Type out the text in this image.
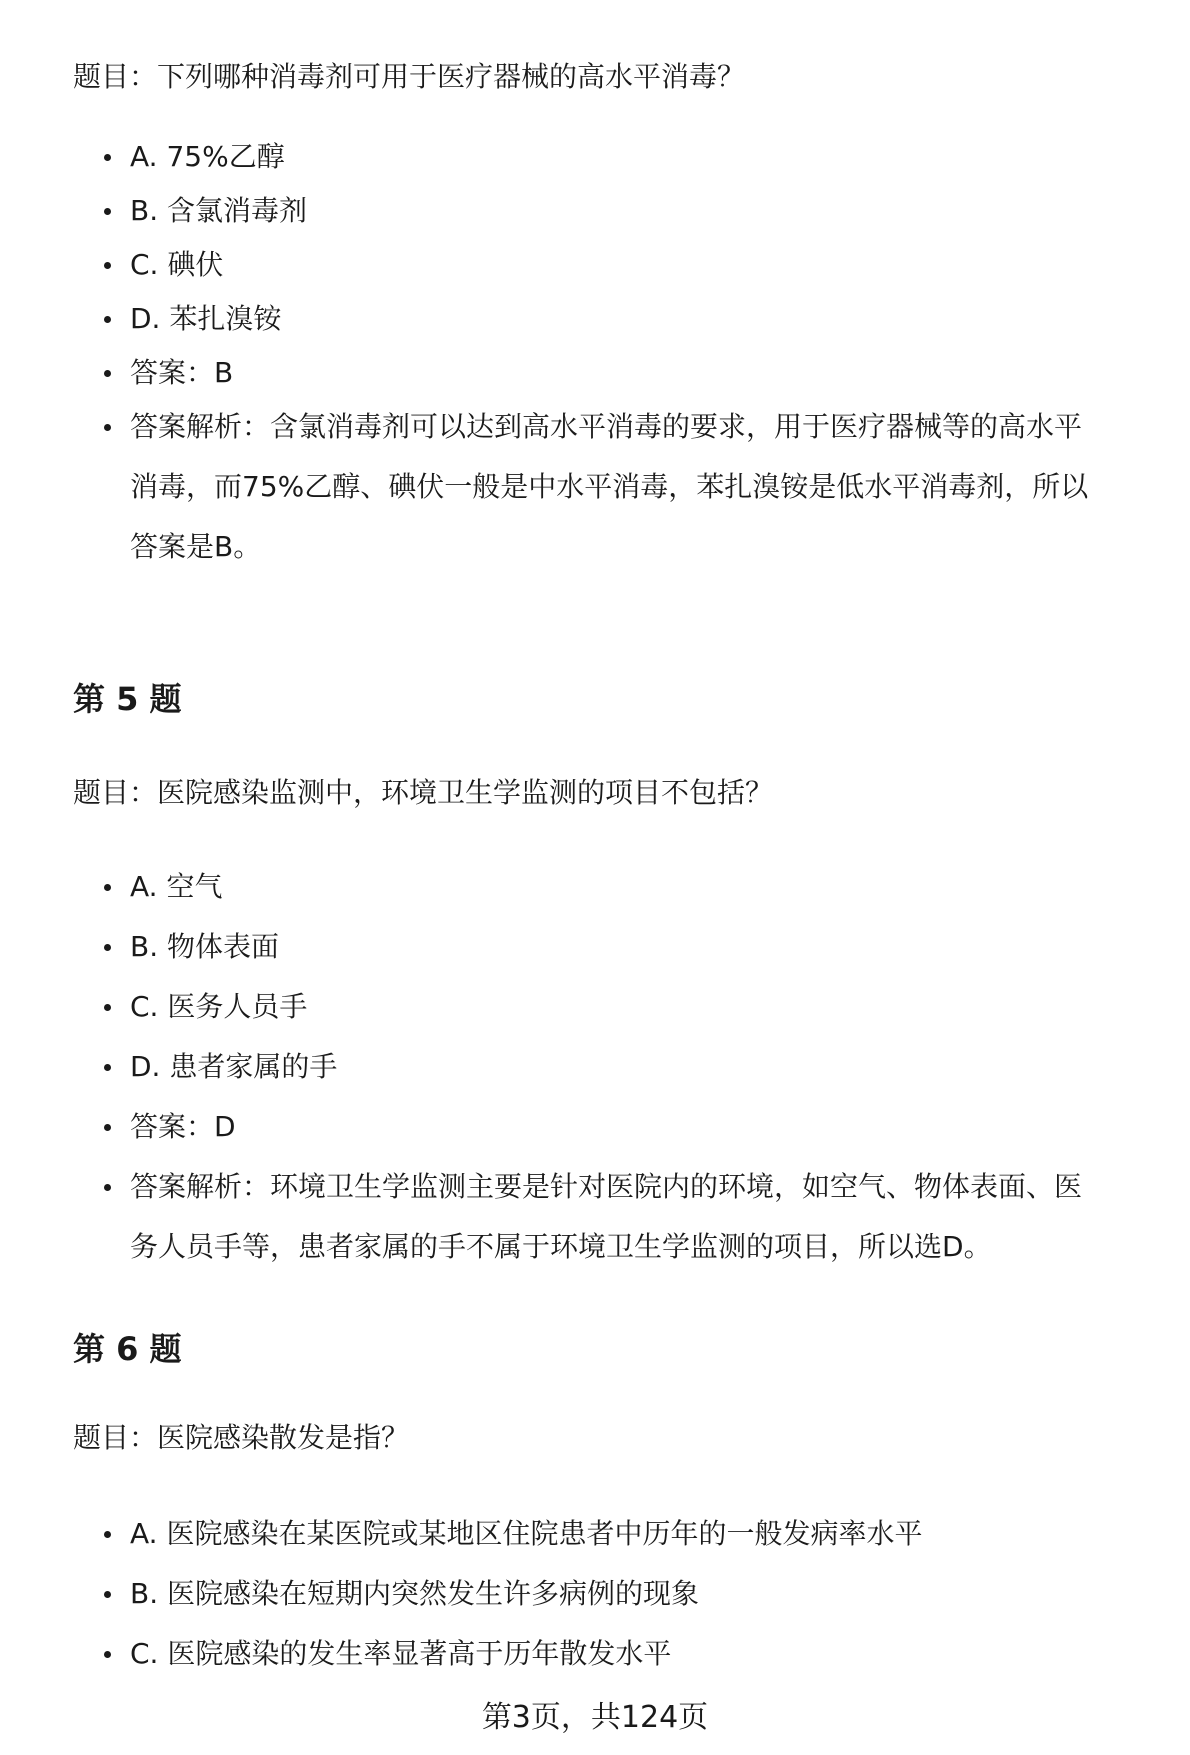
题目：下列哪种消毒剂可用于医疗器械的高水平消毒？

A. 75%乙醇
B. 含氯消毒剂
C. 碘伏
D. 苯扎溴铵
答案：B
答案解析：含氯消毒剂可以达到高水平消毒的要求，用于医疗器械等的高水平
消毒，而75%乙醇、碘伏一般是中水平消毒，苯扎溴铵是低水平消毒剂，所以
答案是B。
第 5 题

题目：医院感染监测中，环境卫生学监测的项目不包括？

A. 空气
B. 物体表面
C. 医务人员手
D. 患者家属的手
答案：D
答案解析：环境卫生学监测主要是针对医院内的环境，如空气、物体表面、医
务人员手等，患者家属的手不属于环境卫生学监测的项目，所以选D。
第 6 题

题目：医院感染散发是指？

A. 医院感染在某医院或某地区住院患者中历年的一般发病率水平
B. 医院感染在短期内突然发生许多病例的现象
C. 医院感染的发生率显著高于历年散发水平

第3页，共124页
